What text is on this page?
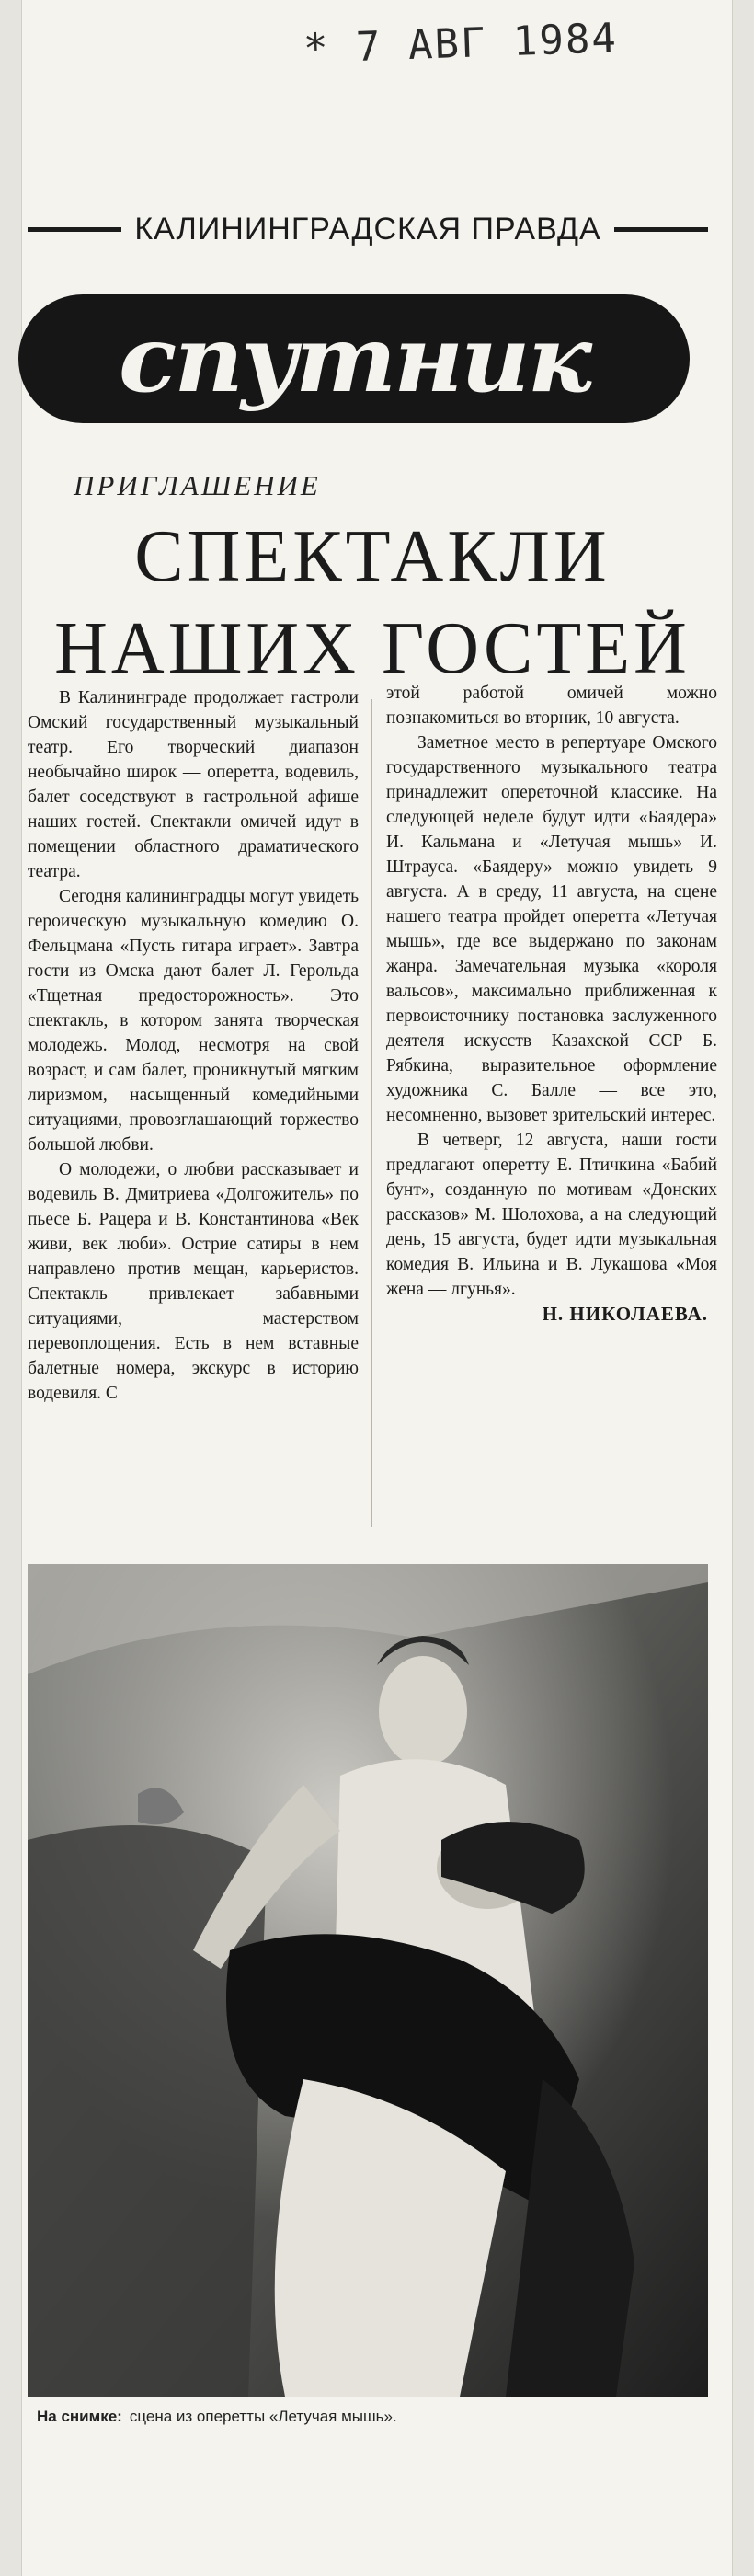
* 7 АВГ 1984
КАЛИНИНГРАДСКАЯ ПРАВДА
спутник
ПРИГЛАШЕНИЕ
СПЕКТАКЛИ
НАШИХ ГОСТЕЙ

В Калининграде продолжает гастроли Омский государственный музыкальный театр. Его творческий диапазон необычайно широк — оперетта, водевиль, балет соседствуют в гастрольной афише наших гостей. Спектакли омичей идут в помещении областного драматического театра.

Сегодня калининградцы могут увидеть героическую музыкальную комедию О. Фельцмана «Пусть гитара играет». Завтра гости из Омска дают балет Л. Герольда «Тщетная предосторожность». Это спектакль, в котором занята творческая молодежь. Молод, несмотря на свой возраст, и сам балет, проникнутый мягким лиризмом, насыщенный комедийными ситуациями, провозглашающий торжество большой любви.

О молодежи, о любви рассказывает и водевиль В. Дмитриева «Долгожитель» по пьесе Б. Рацера и В. Константинова «Век живи, век люби». Острие сатиры в нем направлено против мещан, карьеристов. Спектакль привлекает забавными ситуациями, мастерством перевоплощения. Есть в нем вставные балетные номера, экскурс в историю водевиля. С

этой работой омичей можно познакомиться во вторник, 10 августа.

Заметное место в репертуаре Омского государственного музыкального театра принадлежит опереточной классике. На следующей неделе будут идти «Баядера» И. Кальмана и «Летучая мышь» И. Штрауса. «Баядеру» можно увидеть 9 августа. А в среду, 11 августа, на сцене нашего театра пройдет оперетта «Летучая мышь», где все выдержано по законам жанра. Замечательная музыка «короля вальсов», максимально приближенная к первоисточнику постановка заслуженного деятеля искусств Казахской ССР Б. Рябкина, выразительное оформление художника С. Балле — все это, несомненно, вызовет зрительский интерес.

В четверг, 12 августа, наши гости предлагают оперетту Е. Птичкина «Бабий бунт», созданную по мотивам «Донских рассказов» М. Шолохова, а на следующий день, 15 августа, будет идти музыкальная комедия В. Ильина и В. Лукашова «Моя жена — лгунья».

Н. НИКОЛАЕВА.

На снимке: сцена из оперетты «Летучая мышь».
